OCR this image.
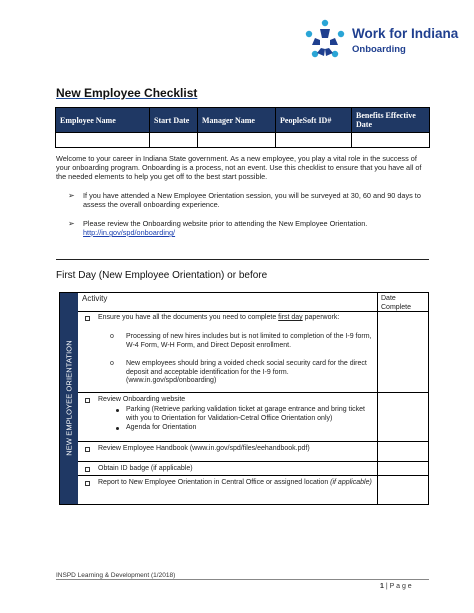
Work for Indiana
Onboarding
New Employee Checklist
Employee Name	Start Date	Manager Name	PeopleSoft ID#	Benefits Effective Date

Welcome to your career in Indiana State government. As a new employee, you play a vital role in the success of your onboarding program. Onboarding is a process, not an event. Use this checklist to ensure that you have all of the needed elements to help you get off to the best start possible.
➢ If you have attended a New Employee Orientation session, you will be surveyed at 30, 60 and 90 days to assess the overall onboarding experience.
➢ Please review the Onboarding website prior to attending the New Employee Orientation.
http://in.gov/spd/onboarding/
First Day (New Employee Orientation) or before
NEW EMPLOYEE ORIENTATION
Activity	Date Complete
Ensure you have all the documents you need to complete first day paperwork:
o Processing of new hires includes but is not limited to completion of the I-9 form, W-4 Form, W-H Form, and Direct Deposit enrollment.
o New employees should bring a voided check social security card for the direct deposit and acceptable identification for the I-9 form. (www.in.gov/spd/onboarding)
Review Onboarding website
Parking (Retrieve parking validation ticket at garage entrance and bring ticket with you to Orientation for Validation-Cetral Office Orientation only)
Agenda for Orientation
Review Employee Handbook (www.in.gov/spd/files/eehandbook.pdf)
Obtain ID badge (if applicable)
Report to New Employee Orientation in Central Office or assigned location (if applicable)
INSPD Learning & Development (1/2018)
1 | P a g e
